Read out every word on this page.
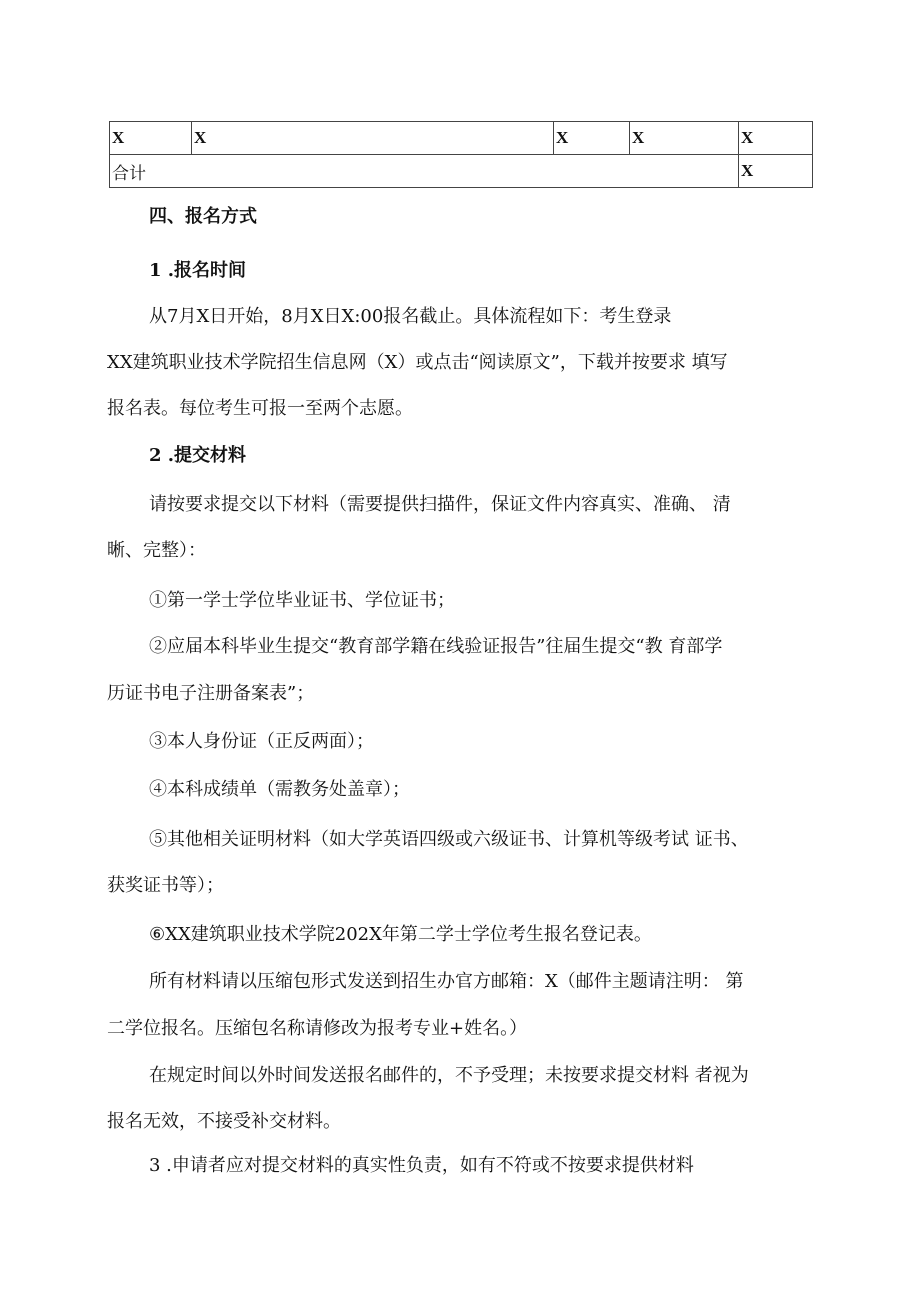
X	X	X	X	X
合计				X

四、报名方式

1 .报名时间

从7月X日开始，8月X日X:00报名截止。具体流程如下：考生登录

XX建筑职业技术学院招生信息网（X）或点击“阅读原文”，下载并按要求 填写

报名表。每位考生可报一至两个志愿。

2 .提交材料

请按要求提交以下材料（需要提供扫描件，保证文件内容真实、准确、 清

晰、完整）：

①第一学士学位毕业证书、学位证书；

②应届本科毕业生提交“教育部学籍在线验证报告”往届生提交“教 育部学

历证书电子注册备案表”；

③本人身份证（正反两面）；

④本科成绩单（需教务处盖章）；

⑤其他相关证明材料（如大学英语四级或六级证书、计算机等级考试 证书、

获奖证书等）；

⑥XX建筑职业技术学院202X年第二学士学位考生报名登记表。

所有材料请以压缩包形式发送到招生办官方邮箱：X（邮件主题请注明： 第

二学位报名。压缩包名称请修改为报考专业+姓名。）

在规定时间以外时间发送报名邮件的，不予受理；未按要求提交材料 者视为

报名无效，不接受补交材料。

3 .申请者应对提交材料的真实性负责，如有不符或不按要求提供材料
